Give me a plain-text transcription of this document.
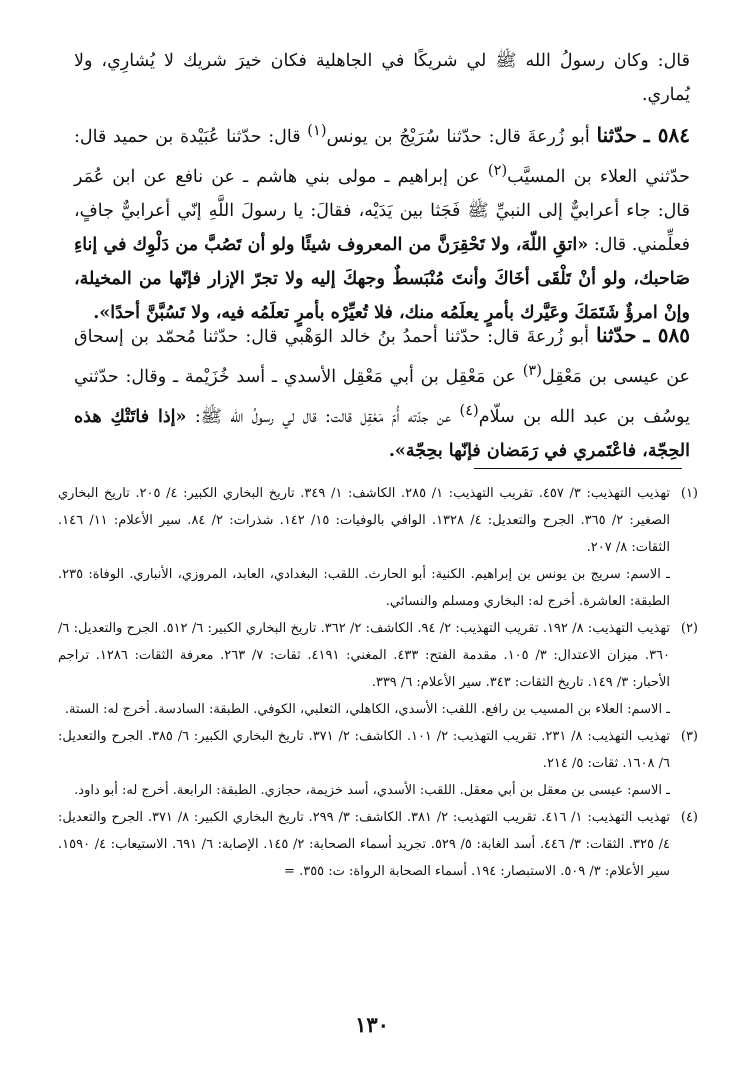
قال: وكان رسولُ الله ﷺ لي شريكًا في الجاهلية فكان خيرَ شريك لا يُشارِي، ولا يُماري.

٥٨٤ ـ حدّثنا أبو زُرعةَ قال: حدّثنا سُرَيْجُ بن يونس$^{(١)}$ قال: حدّثنا عُبَيْدة بن حميد قال: حدّثني العلاء بن المسيَّب$^{(٢)}$ عن إبراهيم ـ مولى بني هاشم ـ عن نافع عن ابن عُمَر قال: جاء أعرابيٌّ إلى النبيِّ ﷺ فَجَثا بين يَدَيْه، فقالَ: يا رسولَ اللَّهِ إنّي أعرابيٌّ جافٍ، فعلِّمني. قال: «اتقِ اللّهَ، ولا تَحْقِرَنَّ من المعروف شيئًا ولو أن تَصُبَّ من دَلْوِك في إناءِ صَاحبك، ولو أنْ تَلْقَى أخَاكَ وأنتَ مُنْبَسطٌ وجهكَ إليه ولا تجرّ الإزار فإنّها من المخيلة، وإنْ امرؤٌ شَتَمَكَ وعَيَّرك بأمرٍ يعلَمُه منك، فلا تُعيِّرْه بأمرٍ تعلَمُه فيه، ولا تَسُبَّنَّ أحدًا».

٥٨٥ ـ حدّثنا أبو زُرعةَ قال: حدّثنا أحمدُ بنُ خالد الوَهْبي قال: حدّثنا مُحمّد بن إسحاق عن عيسى بن مَعْقِل$^{(٣)}$ عن مَعْقِل بن أبي مَعْقِل الأسدي ـ أسد خُزَيْمة ـ وقال: حدّثني يوسُف بن عبد الله بن سلّام$^{(٤)}$ عن جدّته أُمّ مَعْقِل قالت: قال لي رسولُ الله ﷺ: «إذا فاتَتْكِ هذه الحِجّة، فاعْتَمري في رَمَضان فإنّها بحِجّة».

(١)
تهذيب التهذيب: ٣/ ٤٥٧. تقريب التهذيب: ١/ ٢٨٥. الكاشف: ١/ ٣٤٩. تاريخ البخاري الكبير: ٤/ ٢٠٥. تاريخ البخاري الصغير: ٢/ ٣٦٥. الجرح والتعديل: ٤/ ١٣٢٨. الوافي بالوفيات: ١٥/ ١٤٢. شذرات: ٢/ ٨٤. سير الأعلام: ١١/ ١٤٦. الثقات: ٨/ ٢٠٧.
ـ الاسم: سريج بن يونس بن إبراهيم. الكنية: أبو الحارث. اللقب: البغدادي، العابد، المروزي، الأنباري. الوفاة: ٢٣٥. الطبقة: العاشرة. أخرج له: البخاري ومسلم والنسائي.
(٢)
تهذيب التهذيب: ٨/ ١٩٢. تقريب التهذيب: ٢/ ٩٤. الكاشف: ٢/ ٣٦٢. تاريخ البخاري الكبير: ٦/ ٥١٢. الجرح والتعديل: ٦/ ٣٦٠. ميزان الاعتدال: ٣/ ١٠٥. مقدمة الفتح: ٤٣٣. المغني: ٤١٩١. ثقات: ٧/ ٢٦٣. معرفة الثقات: ١٢٨٦. تراجم الأحبار: ٣/ ١٤٩. تاريخ الثقات: ٣٤٣. سير الأعلام: ٦/ ٣٣٩.
ـ الاسم: العلاء بن المسيب بن رافع. اللقب: الأسدي، الكاهلي، الثعلبي، الكوفي. الطبقة: السادسة. أخرج له: الستة.
(٣)
تهذيب التهذيب: ٨/ ٢٣١. تقريب التهذيب: ٢/ ١٠١. الكاشف: ٢/ ٣٧١. تاريخ البخاري الكبير: ٦/ ٣٨٥. الجرح والتعديل: ٦/ ١٦٠٨. ثقات: ٥/ ٢١٤.
ـ الاسم: عيسى بن معقل بن أبي معقل. اللقب: الأسدي، أسد خزيمة، حجازي. الطبقة: الرابعة. أخرج له: أبو داود.
(٤)
تهذيب التهذيب: ١/ ٤١٦. تقريب التهذيب: ٢/ ٣٨١. الكاشف: ٣/ ٢٩٩. تاريخ البخاري الكبير: ٨/ ٣٧١. الجرح والتعديل: ٤/ ٣٢٥. الثقات: ٣/ ٤٤٦. أسد الغابة: ٥/ ٥٢٩. تجريد أسماء الصحابة: ٢/ ١٤٥. الإصابة: ٦/ ٦٩١. الاستيعاب: ٤/ ١٥٩٠. سير الأعلام: ٣/ ٥٠٩. الاستبصار: ١٩٤. أسماء الصحابة الرواة: ت: ٣٥٥. =
١٣٠
